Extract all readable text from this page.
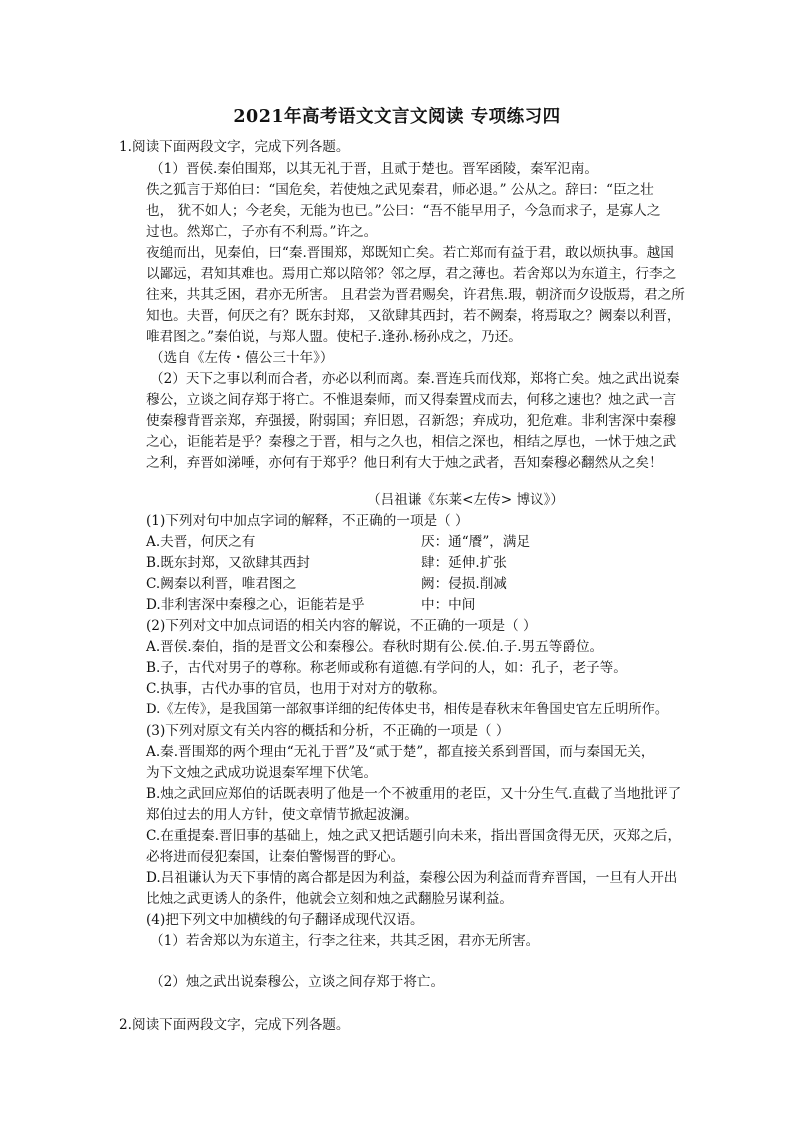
2021年高考语文文言文阅读 专项练习四
1.阅读下面两段文字，完成下列各题。
（1）晋侯.秦伯围郑，以其无礼于晋，且贰于楚也。晋军函陵，秦军氾南。
佚之狐言于郑伯曰：“国危矣，若使烛之武见秦君，师必退。” 公从之。辞曰：“臣之壮
也， 犹不如人；今老矣，无能为也已。”公曰：“吾不能早用子，今急而求子，是寡人之
过也。然郑亡，子亦有不利焉。”许之。
夜缒而出，见秦伯，曰“秦.晋围郑，郑既知亡矣。若亡郑而有益于君，敢以烦执事。越国
以鄙远，君知其难也。焉用亡郑以陪邻？邻之厚，君之薄也。若舍郑以为东道主，行李之
往来，共其乏困，君亦无所害。 且君尝为晋君赐矣，许君焦.瑕，朝济而夕设版焉，君之所
知也。夫晋，何厌之有？既东封郑， 又欲肆其西封，若不阙秦，将焉取之？阙秦以利晋，
唯君图之。”秦伯说，与郑人盟。使杞子.逢孙.杨孙戍之，乃还。
（选自《左传・僖公三十年》）
（2）天下之事以利而合者，亦必以利而离。秦.晋连兵而伐郑，郑将亡矣。烛之武出说秦
穆公，立谈之间存郑于将亡。不惟退秦师，而又得秦置戍而去，何移之速也？烛之武一言
使秦穆背晋亲郑，弃强援，附弱国；弃旧恩，召新怨；弃成功，犯危难。非利害深中秦穆
之心，讵能若是乎？秦穆之于晋，相与之久也，相信之深也，相结之厚也，一怵于烛之武
之利，弃晋如涕唾，亦何有于郑乎？他日利有大于烛之武者，吾知秦穆必翻然从之矣！
（吕祖谦《东莱<左传> 博议》）
(1)下列对句中加点字词的解释，不正确的一项是（ ）
A.夫晋，何厌之有	厌：通“餍”，满足
B.既东封郑，又欲肆其西封	肆：延伸.扩张
C.阙秦以利晋，唯君图之	阙：侵损.削减
D.非利害深中秦穆之心，讵能若是乎	中：中间
(2)下列对文中加点词语的相关内容的解说，不正确的一项是（ ）
A.晋侯.秦伯，指的是晋文公和秦穆公。春秋时期有公.侯.伯.子.男五等爵位。
B.子，古代对男子的尊称。称老师或称有道德.有学问的人，如：孔子，老子等。
C.执事，古代办事的官员，也用于对对方的敬称。
D.《左传》，是我国第一部叙事详细的纪传体史书，相传是春秋末年鲁国史官左丘明所作。
(3)下列对原文有关内容的概括和分析，不正确的一项是（ ）
A.秦.晋围郑的两个理由“无礼于晋”及“贰于楚”，都直接关系到晋国，而与秦国无关，
为下文烛之武成功说退秦军埋下伏笔。
B.烛之武回应郑伯的话既表明了他是一个不被重用的老臣，又十分生气.直截了当地批评了
郑伯过去的用人方针，使文章情节掀起波澜。
C.在重提秦.晋旧事的基础上，烛之武又把话题引向未来，指出晋国贪得无厌，灭郑之后，
必将进而侵犯秦国，让秦伯警惕晋的野心。
D.吕祖谦认为天下事情的离合都是因为利益，秦穆公因为利益而背弃晋国，一旦有人开出
比烛之武更诱人的条件，他就会立刻和烛之武翻脸另谋利益。
(4)把下列文中加横线的句子翻译成现代汉语。
（1）若舍郑以为东道主，行李之往来，共其乏困，君亦无所害。
（2）烛之武出说秦穆公，立谈之间存郑于将亡。
2.阅读下面两段文字，完成下列各题。
